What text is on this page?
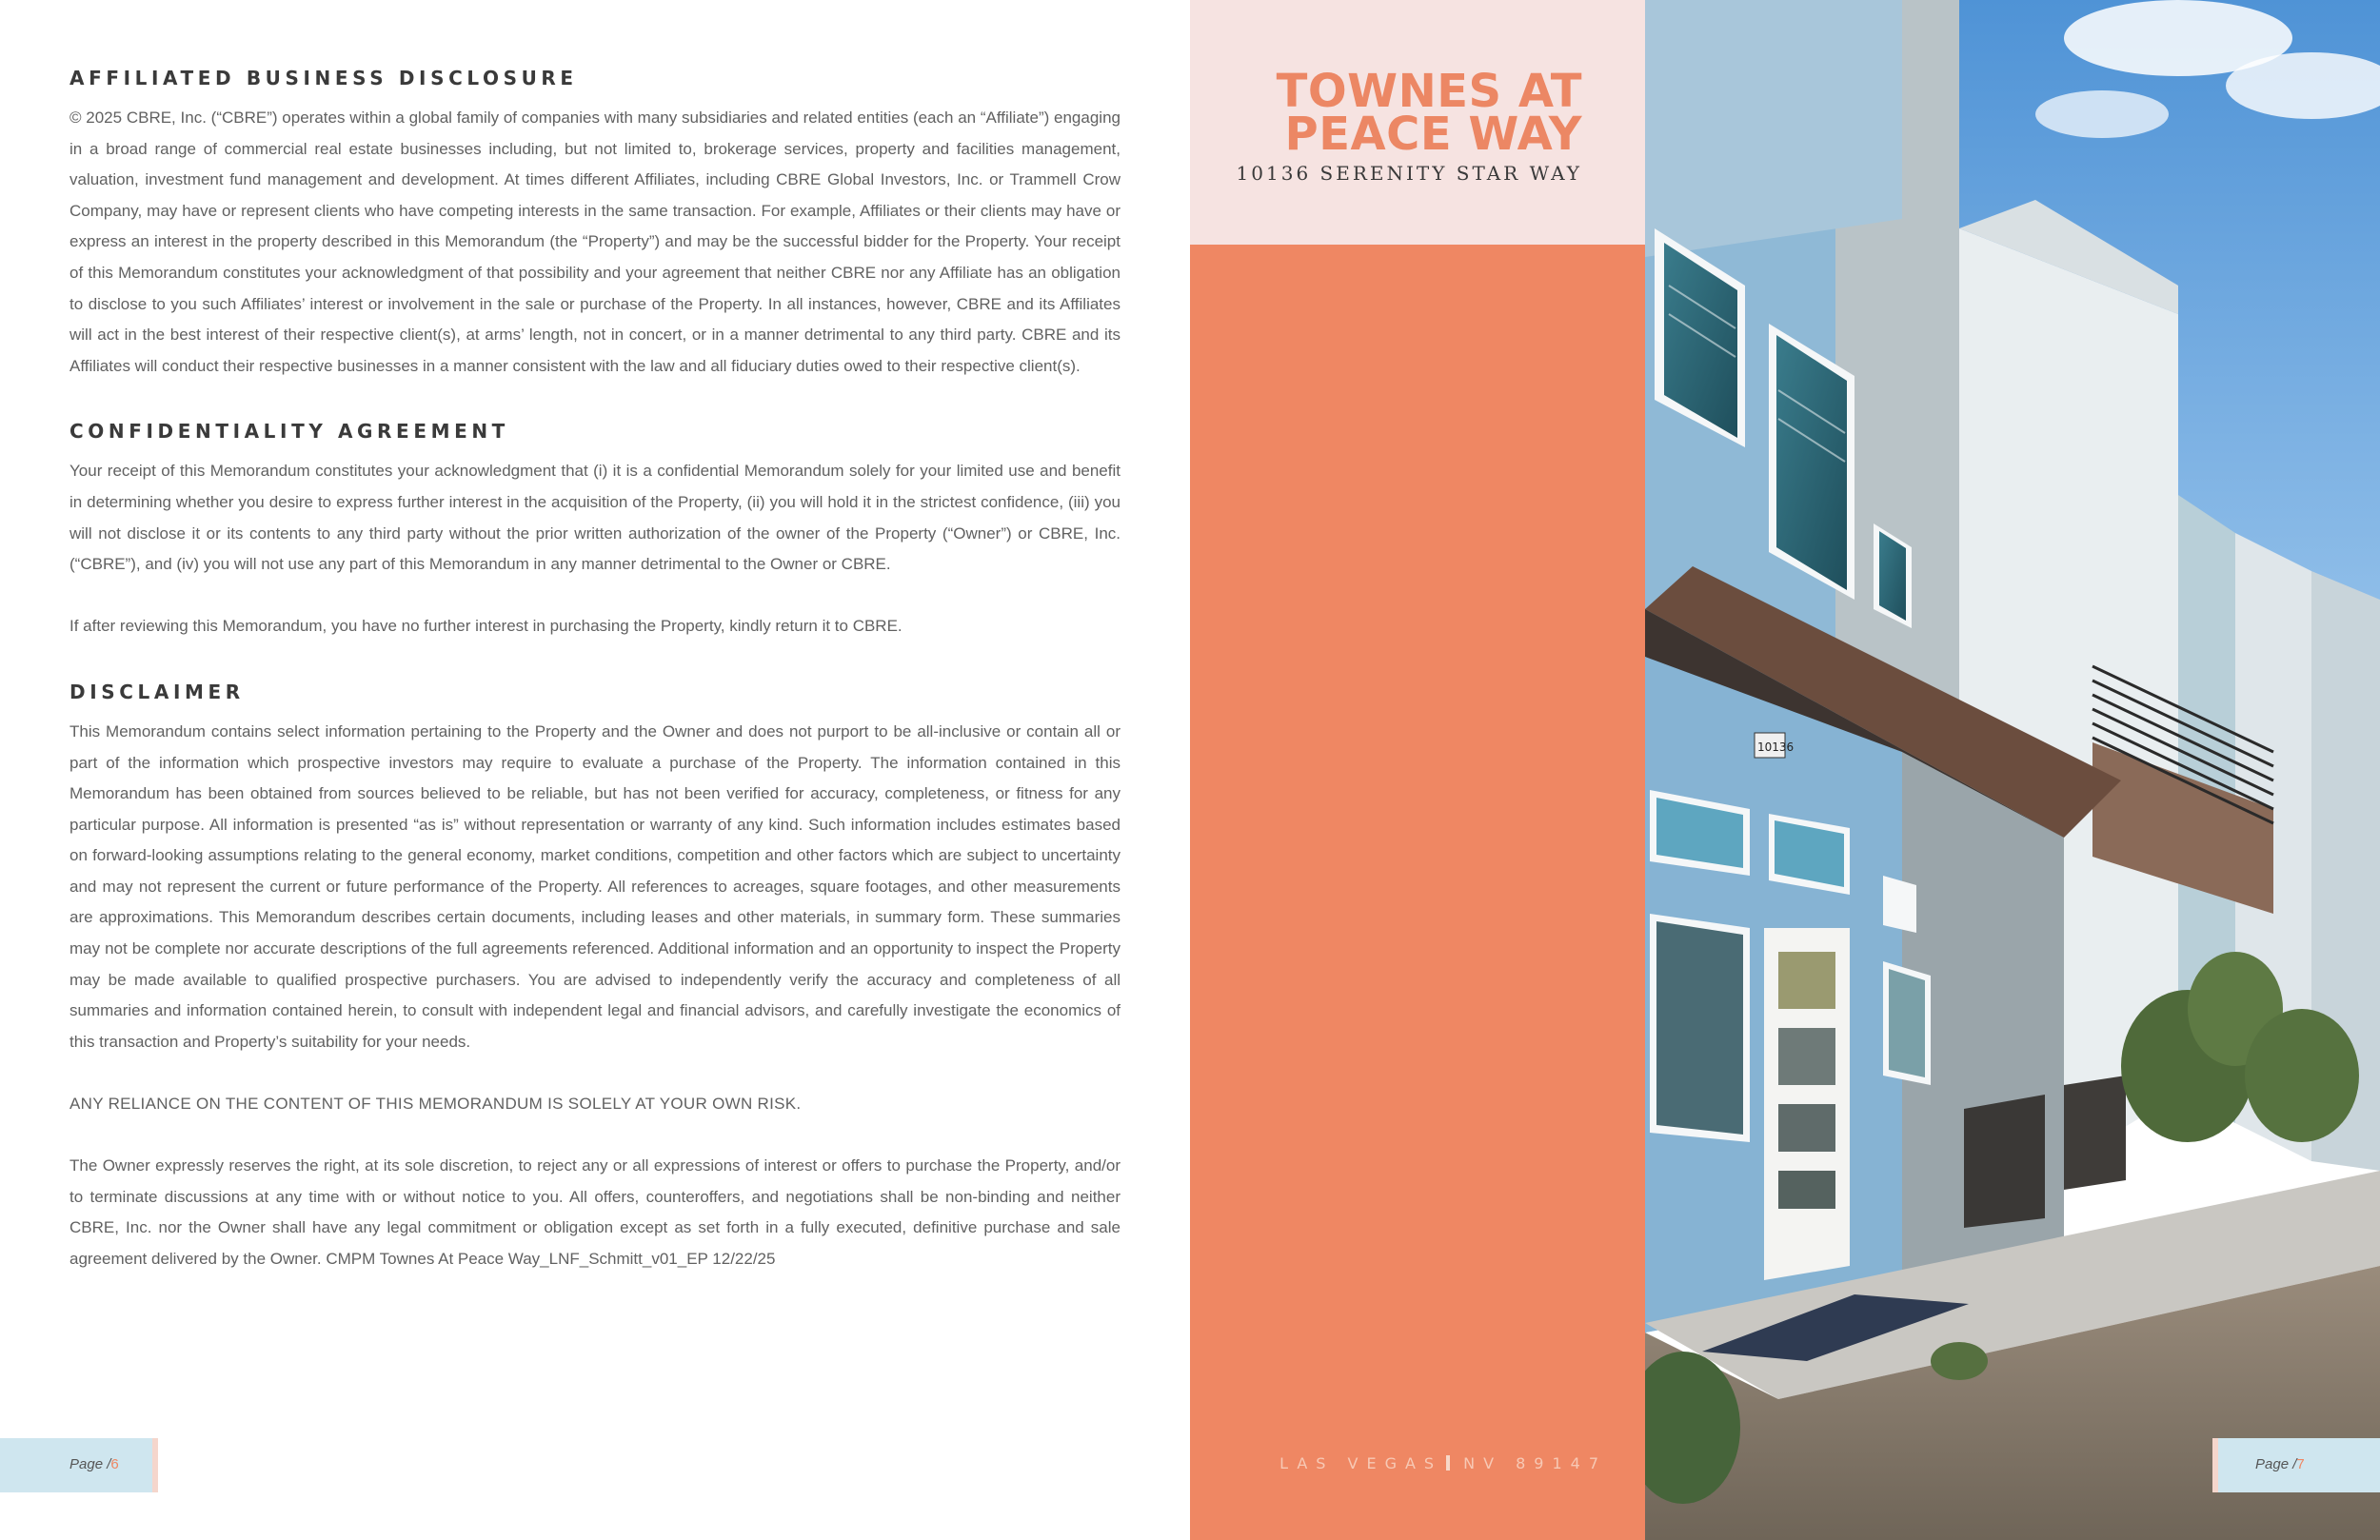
AFFILIATED BUSINESS DISCLOSURE

© 2025 CBRE, Inc. (“CBRE”) operates within a global family of companies with many subsidiaries and related entities (each an “Affiliate”) engaging in a broad range of commercial real estate businesses including, but not limited to, brokerage services, property and facilities management, valuation, investment fund management and development. At times different Affiliates, including CBRE Global Investors, Inc. or Trammell Crow Company, may have or represent clients who have competing interests in the same transaction. For example, Affiliates or their clients may have or express an interest in the property described in this Memorandum (the “Property”) and may be the successful bidder for the Property. Your receipt of this Memorandum constitutes your acknowledgment of that possibility and your agreement that neither CBRE nor any Affiliate has an obligation to disclose to you such Affiliates’ interest or involvement in the sale or purchase of the Property. In all instances, however, CBRE and its Affiliates will act in the best interest of their respective client(s), at arms’ length, not in concert, or in a manner detrimental to any third party. CBRE and its Affiliates will conduct their respective businesses in a manner consistent with the law and all fiduciary duties owed to their respective client(s).

CONFIDENTIALITY AGREEMENT

Your receipt of this Memorandum constitutes your acknowledgment that (i) it is a confidential Memorandum solely for your limited use and benefit in determining whether you desire to express further interest in the acquisition of the Property, (ii) you will hold it in the strictest confidence, (iii) you will not disclose it or its contents to any third party without the prior written authorization of the owner of the Property (“Owner”) or CBRE, Inc. (“CBRE”), and (iv) you will not use any part of this Memorandum in any manner detrimental to the Owner or CBRE.

If after reviewing this Memorandum, you have no further interest in purchasing the Property, kindly return it to CBRE.

DISCLAIMER

This Memorandum contains select information pertaining to the Property and the Owner and does not purport to be all-inclusive or contain all or part of the information which prospective investors may require to evaluate a purchase of the Property. The information contained in this Memorandum has been obtained from sources believed to be reliable, but has not been verified for accuracy, completeness, or fitness for any particular purpose. All information is presented “as is” without representation or warranty of any kind. Such information includes estimates based on forward-looking assumptions relating to the general economy, market conditions, competition and other factors which are subject to uncertainty and may not represent the current or future performance of the Property. All references to acreages, square footages, and other measurements are approximations. This Memorandum describes certain documents, including leases and other materials, in summary form. These summaries may not be complete nor accurate descriptions of the full agreements referenced. Additional information and an opportunity to inspect the Property may be made available to qualified prospective purchasers. You are advised to independently verify the accuracy and completeness of all summaries and information contained herein, to consult with independent legal and financial advisors, and carefully investigate the economics of this transaction and Property’s suitability for your needs.

ANY RELIANCE ON THE CONTENT OF THIS MEMORANDUM IS SOLELY AT YOUR OWN RISK.

The Owner expressly reserves the right, at its sole discretion, to reject any or all expressions of interest or offers to purchase the Property, and/or to terminate discussions at any time with or without notice to you. All offers, counteroffers, and negotiations shall be non-binding and neither CBRE, Inc. nor the Owner shall have any legal commitment or obligation except as set forth in a fully executed, definitive purchase and sale agreement delivered by the Owner. CMPM Townes At Peace Way_LNF_Schmitt_v01_EP 12/22/25

Page /6
TOWNES AT
PEACE WAY
10136 SERENITY STAR WAY
LAS VEGAS NV 89147
10136
Page /7
